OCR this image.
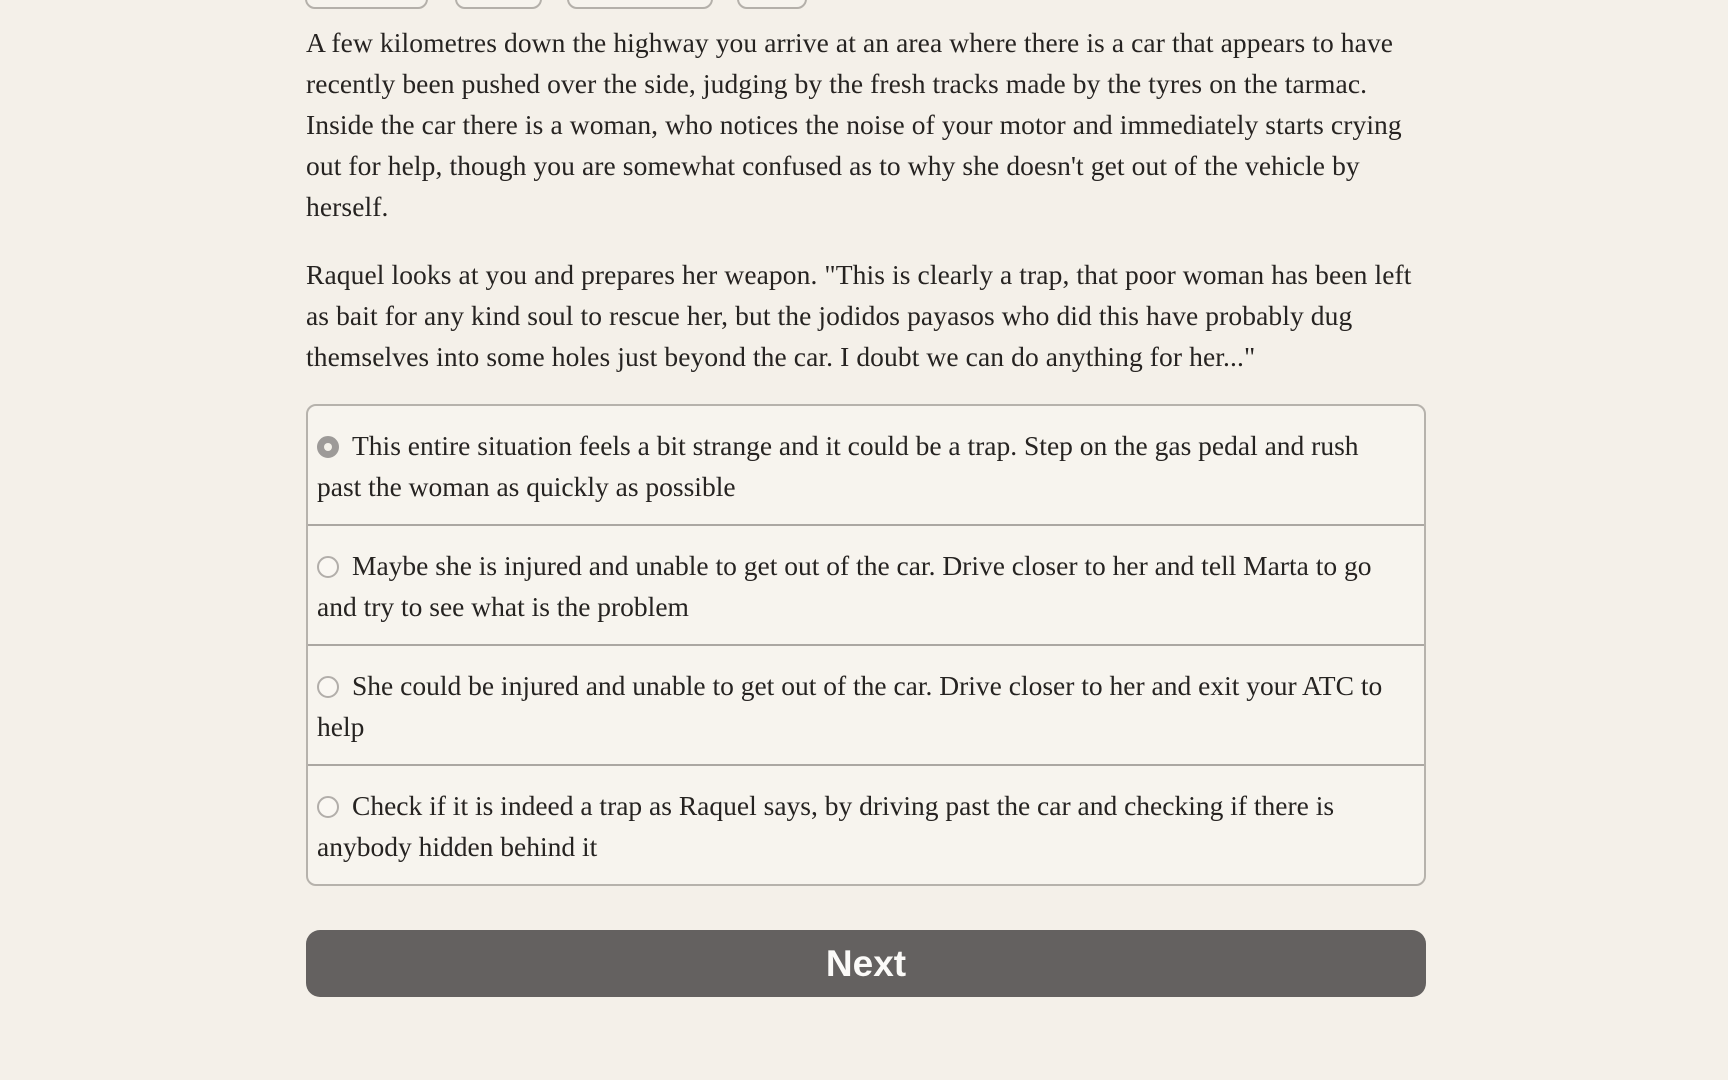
A few kilometres down the highway you arrive at an area where there is a car that appears to have recently been pushed over the side, judging by the fresh tracks made by the tyres on the tarmac. Inside the car there is a woman, who notices the noise of your motor and immediately starts crying out for help, though you are somewhat confused as to why she doesn't get out of the vehicle by herself.

Raquel looks at you and prepares her weapon. "This is clearly a trap, that poor woman has been left as bait for any kind soul to rescue her, but the jodidos payasos who did this have probably dug themselves into some holes just beyond the car. I doubt we can do anything for her..."

This entire situation feels a bit strange and it could be a trap. Step on the gas pedal and rush past the woman as quickly as possible
Maybe she is injured and unable to get out of the car. Drive closer to her and tell Marta to go and try to see what is the problem
She could be injured and unable to get out of the car. Drive closer to her and exit your ATC to help
Check if it is indeed a trap as Raquel says, by driving past the car and checking if there is anybody hidden behind it
Next
